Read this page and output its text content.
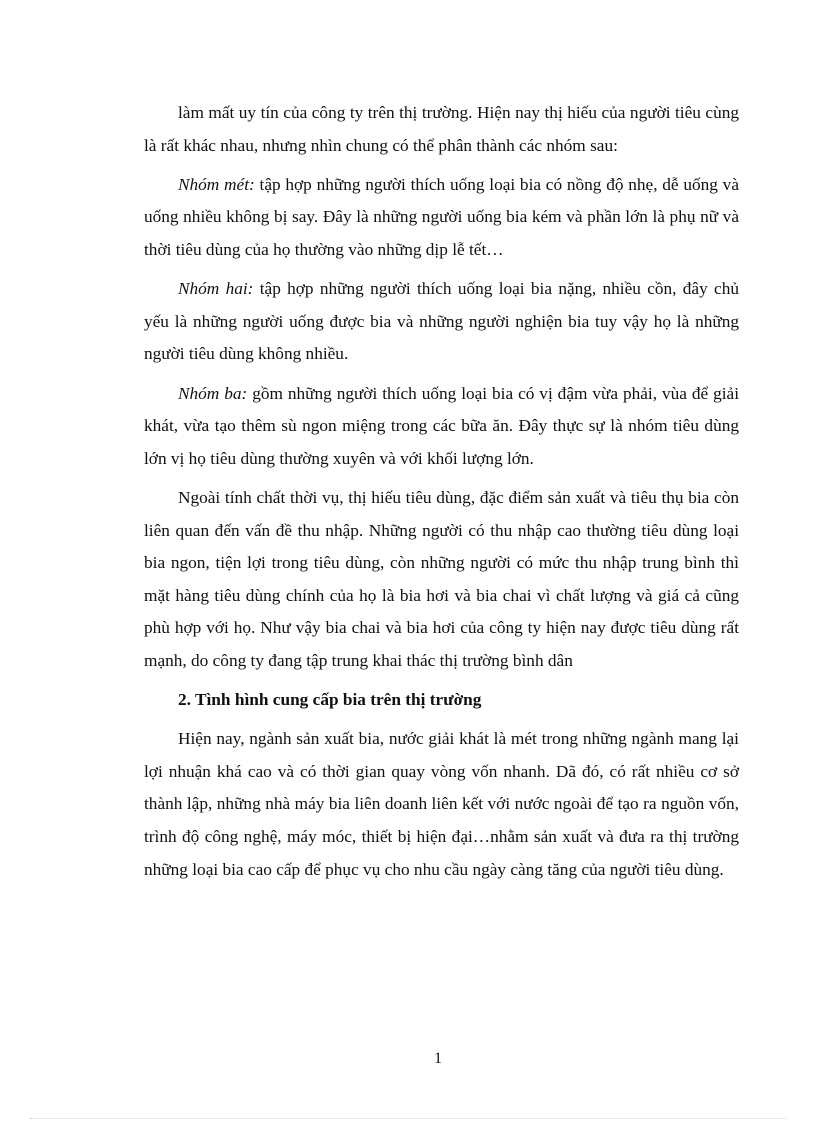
làm mất uy tín của công ty trên thị trường. Hiện nay thị hiếu của người tiêu cùng là rất khác nhau, nhưng nhìn chung có thể phân thành các nhóm sau:

Nhóm mét: tập hợp những người thích uống loại bia có nồng độ nhẹ, dễ uống và uống nhiều không bị say. Đây là những người uống bia kém và phần lớn là phụ nữ và thời tiêu dùng của họ thường vào những dịp lễ tết…

Nhóm hai: tập hợp những người thích uống loại bia nặng, nhiều cồn, đây chủ yếu là những người uống được bia và những người nghiện bia tuy vậy họ là những người tiêu dùng không nhiều.

Nhóm ba: gồm những người thích uống loại bia có vị đậm vừa phải, vùa để giải khát, vừa tạo thêm sù ngon miệng trong các bữa ăn. Đây thực sự là nhóm tiêu dùng lớn vị họ tiêu dùng thường xuyên và với khối lượng lớn.

Ngoài tính chất thời vụ, thị hiếu tiêu dùng, đặc điểm sản xuất và tiêu thụ bia còn liên quan đến vấn đề thu nhập. Những người có thu nhập cao thường tiêu dùng loại bia ngon, tiện lợi trong tiêu dùng, còn những người có mức thu nhập trung bình thì mặt hàng tiêu dùng chính của họ là bia hơi và bia chai vì chất lượng và giá cả cũng phù hợp với họ. Như vậy bia chai và bia hơi của công ty hiện nay được tiêu dùng rất mạnh, do công ty đang tập trung khai thác thị trường bình dân

2. Tình hình cung cấp bia trên thị trường

Hiện nay, ngành sản xuất bia, nước giải khát là mét trong những ngành mang lại lợi nhuận khá cao và có thời gian quay vòng vốn nhanh. Dã đó, có rất nhiều cơ sở thành lập, những nhà máy bia liên doanh liên kết với nước ngoài để tạo ra nguồn vốn, trình độ công nghệ, máy móc, thiết bị hiện đại…nhằm sản xuất và đưa ra thị trường những loại bia cao cấp để phục vụ cho nhu cầu ngày càng tăng của người tiêu dùng.

1
